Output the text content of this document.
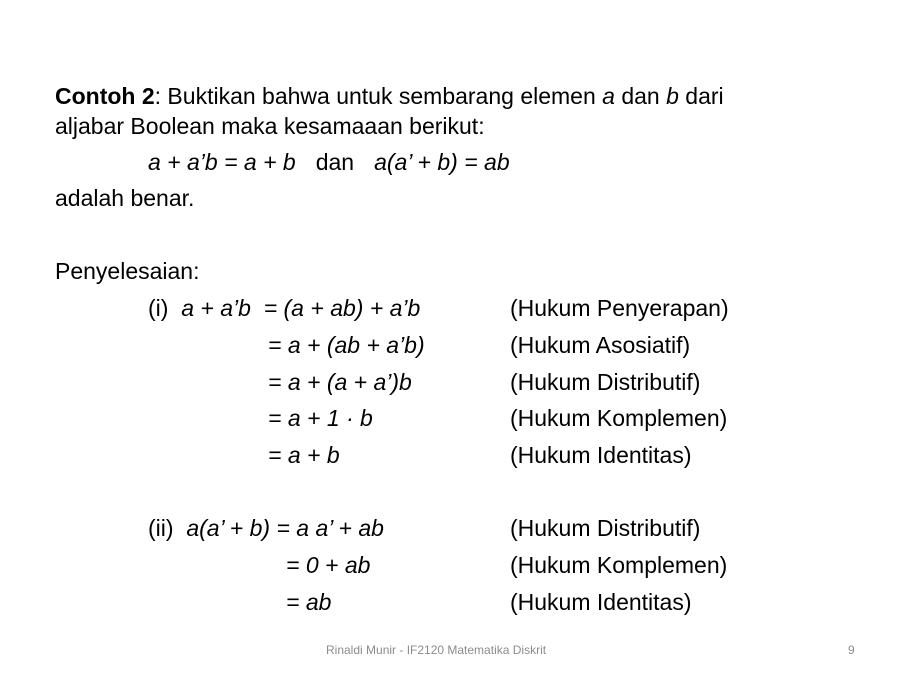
Contoh 2: Buktikan bahwa untuk sembarang elemen a dan b dari
aljabar Boolean maka kesamaaan berikut:
a + a’b = a + b dan a(a’ + b) = ab
adalah benar.
Penyelesaian:
(i) a + a’b = (a + ab) + a’b	(Hukum Penyerapan)
= a + (ab + a’b)	(Hukum Asosiatif)
= a + (a + a’)b	(Hukum Distributif)
= a + 1 · b	(Hukum Komplemen)
= a + b	(Hukum Identitas)
(ii) a(a’ + b) = a a’ + ab	(Hukum Distributif)
= 0 + ab	(Hukum Komplemen)
= ab	(Hukum Identitas)
Rinaldi Munir - IF2120 Matematika Diskrit	9
